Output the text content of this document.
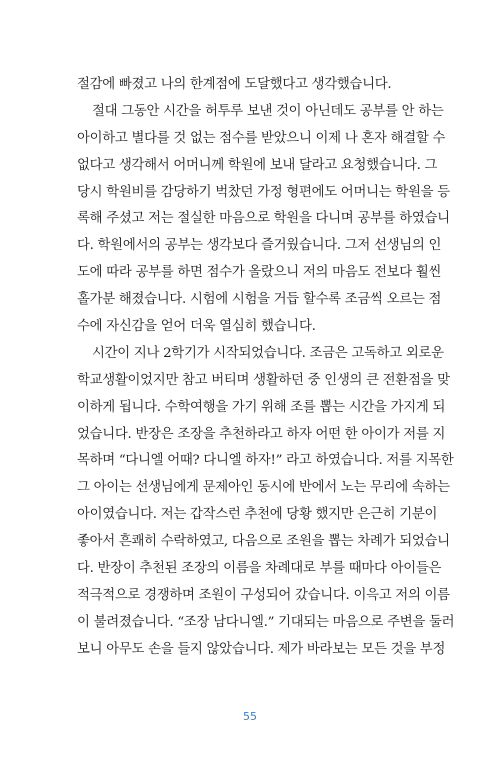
절감에 빠졌고 나의 한계점에 도달했다고 생각했습니다.
절대 그동안 시간을 허투루 보낸 것이 아닌데도 공부를 안 하는
아이하고 별다를 것 없는 점수를 받았으니 이제 나 혼자 해결할 수
없다고 생각해서 어머니께 학원에 보내 달라고 요청했습니다. 그
당시 학원비를 감당하기 벅찼던 가정 형편에도 어머니는 학원을 등
록해 주셨고 저는 절실한 마음으로 학원을 다니며 공부를 하였습니
다. 학원에서의 공부는 생각보다 즐거웠습니다. 그저 선생님의 인
도에 따라 공부를 하면 점수가 올랐으니 저의 마음도 전보다 훨씬
홀가분 해졌습니다. 시험에 시험을 거듭 할수록 조금씩 오르는 점
수에 자신감을 얻어 더욱 열심히 했습니다.
시간이 지나 2학기가 시작되었습니다. 조금은 고독하고 외로운
학교생활이었지만 참고 버티며 생활하던 중 인생의 큰 전환점을 맞
이하게 됩니다. 수학여행을 가기 위해 조를 뽑는 시간을 가지게 되
었습니다. 반장은 조장을 추천하라고 하자 어떤 한 아이가 저를 지
목하며 “다니엘 어때? 다니엘 하자!” 라고 하였습니다. 저를 지목한
그 아이는 선생님에게 문제아인 동시에 반에서 노는 무리에 속하는
아이였습니다. 저는 갑작스런 추천에 당황 했지만 은근히 기분이
좋아서 흔쾌히 수락하였고, 다음으로 조원을 뽑는 차례가 되었습니
다. 반장이 추천된 조장의 이름을 차례대로 부를 때마다 아이들은
적극적으로 경쟁하며 조원이 구성되어 갔습니다. 이윽고 저의 이름
이 불려졌습니다. “조장 남다니엘.” 기대되는 마음으로 주변을 둘러
보니 아무도 손을 들지 않았습니다. 제가 바라보는 모든 것을 부정
55
